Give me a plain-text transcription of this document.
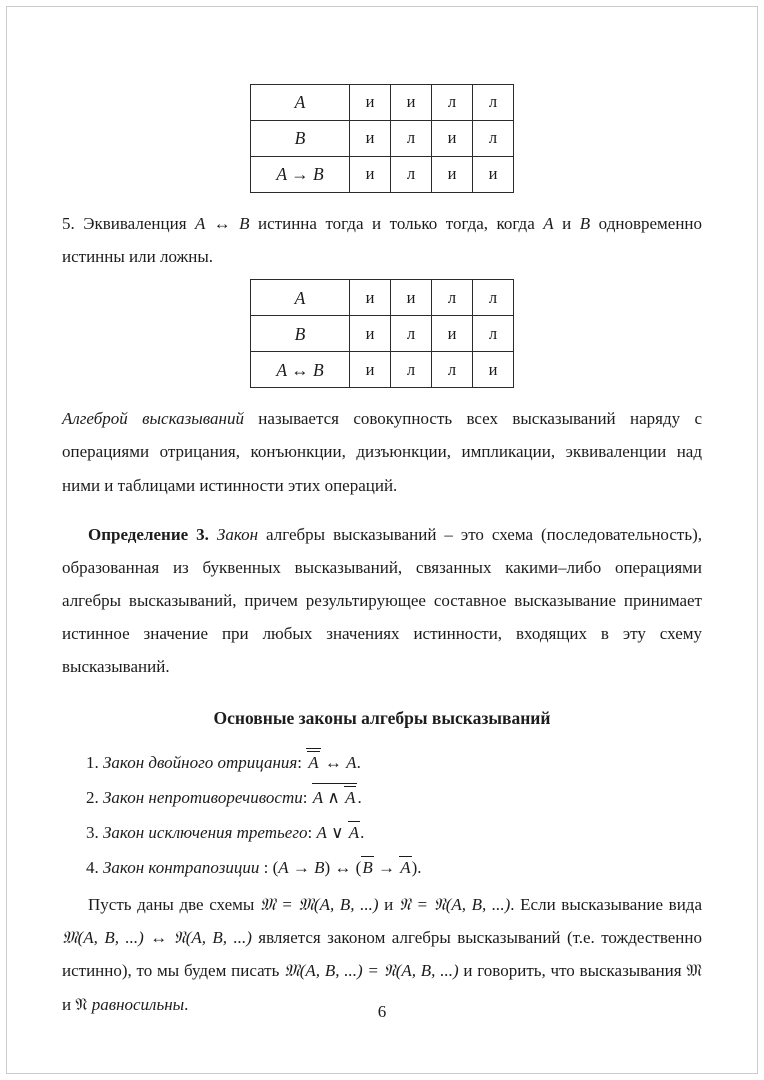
A	и	и	л	л
B	и	л	и	л
A → B	и	л	и	и

5. Эквиваленция A ↔ B истинна тогда и только тогда, когда A и B одновременно истинны или ложны.

A	и	и	л	л
B	и	л	и	л
A ↔ B	и	л	л	и

Алгеброй высказываний называется совокупность всех высказываний наряду с операциями отрицания, конъюнкции, дизъюнкции, импликации, эквиваленции над ними и таблицами истинности этих операций.

Определение 3. Закон алгебры высказываний – это схема (последовательность), образованная из буквенных высказываний, связанных какими–либо операциями алгебры высказываний, причем результирующее составное высказывание принимает истинное значение при любых значениях истинности, входящих в эту схему высказываний.

Основные законы алгебры высказываний
1. Закон двойного отрицания: A ↔ A.
2. Закон непротиворечивости: A ∧ A .
3. Закон исключения третьего: A ∨ A.
4. Закон контрапозиции : (A → B) ↔ (B → A).

Пусть даны две схемы 𝔐 = 𝔐(A, B, ...) и 𝔑 = 𝔑(A, B, ...). Если высказывание вида 𝔐(A, B, ...) ↔ 𝔑(A, B, ...) является законом алгебры высказываний (т.е. тождественно истинно), то мы будем писать 𝔐(A, B, ...) = 𝔑(A, B, ...) и говорить, что высказывания 𝔐 и 𝔑 равносильны.	6
